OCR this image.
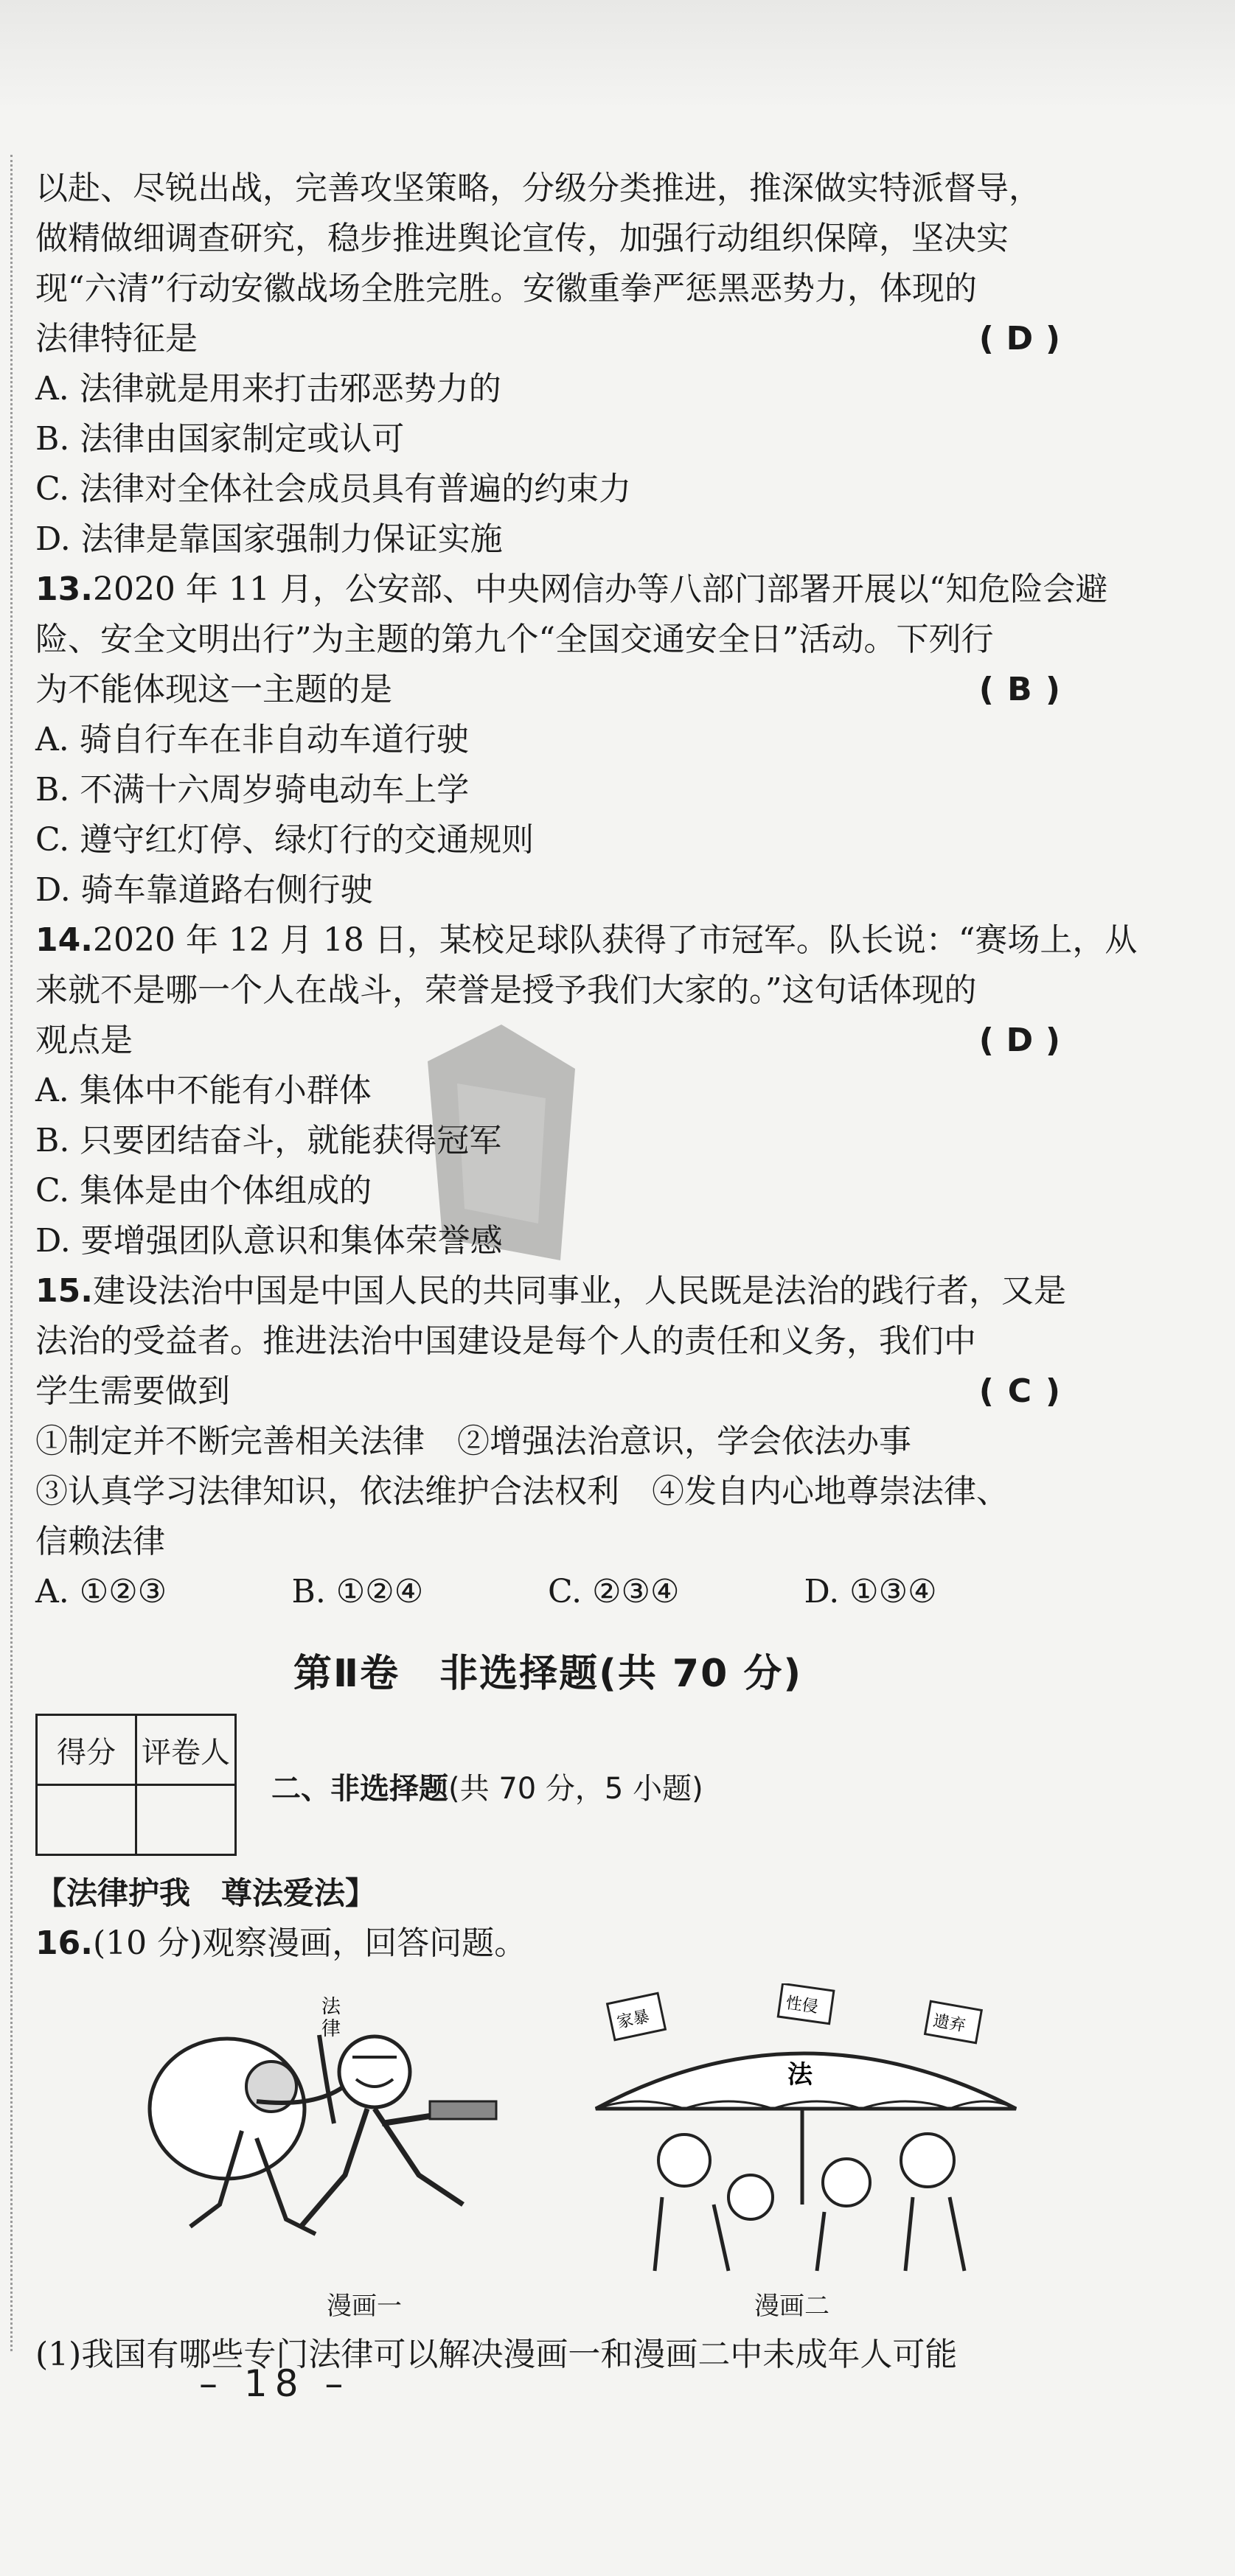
以赴、尽锐出战，完善攻坚策略，分级分类推进，推深做实特派督导，
做精做细调查研究，稳步推进舆论宣传，加强行动组织保障，坚决实
现“六清”行动安徽战场全胜完胜。安徽重拳严惩黑恶势力，体现的
法律特征是	( D )
A. 法律就是用来打击邪恶势力的
B. 法律由国家制定或认可
C. 法律对全体社会成员具有普遍的约束力
D. 法律是靠国家强制力保证实施
13.2020 年 11 月，公安部、中央网信办等八部门部署开展以“知危险会避
险、安全文明出行”为主题的第九个“全国交通安全日”活动。下列行
为不能体现这一主题的是	( B )
A. 骑自行车在非自动车道行驶
B. 不满十六周岁骑电动车上学
C. 遵守红灯停、绿灯行的交通规则
D. 骑车靠道路右侧行驶
14.2020 年 12 月 18 日，某校足球队获得了市冠军。队长说：“赛场上，从
来就不是哪一个人在战斗，荣誉是授予我们大家的。”这句话体现的
观点是	( D )
A. 集体中不能有小群体
B. 只要团结奋斗，就能获得冠军
C. 集体是由个体组成的
D. 要增强团队意识和集体荣誉感
15.建设法治中国是中国人民的共同事业，人民既是法治的践行者，又是
法治的受益者。推进法治中国建设是每个人的责任和义务，我们中
学生需要做到	( C )
①制定并不断完善相关法律　②增强法治意识，学会依法办事
③认真学习法律知识，依法维护合法权利　④发自内心地尊崇法律、
信赖法律
A. ①②③	B. ①②④	C. ②③④	D. ①③④
第Ⅱ卷　非选择题(共 70 分)
得分	评卷人

二、非选择题(共 70 分，5 小题)
【法律护我　尊法爱法】
16.(10 分)观察漫画，回答问题。
法
律
漫画一
法
家暴
性侵
遗弃
漫画二
(1)我国有哪些专门法律可以解决漫画一和漫画二中未成年人可能
– 18 –
